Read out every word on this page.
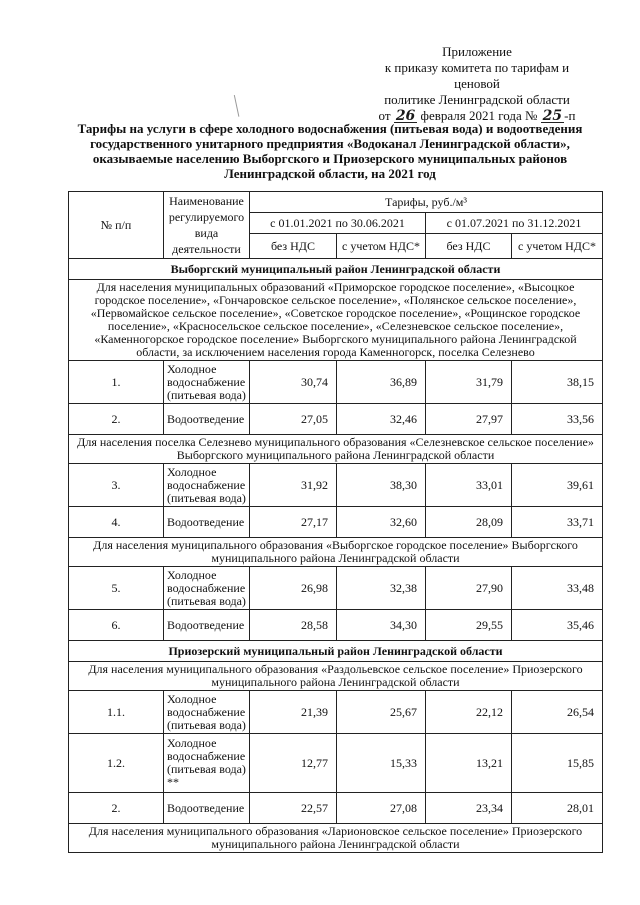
Приложение
к приказу комитета по тарифам и ценовой
политике Ленинградской области
от 26 февраля 2021 года № 25 -п
Тарифы на услуги в сфере холодного водоснабжения (питьевая вода) и водоотведения государственного унитарного предприятия «Водоканал Ленинградской области», оказываемые населению Выборгского и Приозерского муниципальных районов Ленинградской области, на 2021 год
№ п/п	Наименование регулируемого вида деятельности	Тарифы, руб./м³			
		с 01.01.2021 по 30.06.2021		с 01.07.2021 по 31.12.2021	
		без НДС	с учетом НДС*	без НДС	с учетом НДС*
Выборгский муниципальный район Ленинградской области					
Для населения муниципальных образований «Приморское городское поселение», «Высоцкое городское поселение», «Гончаровское сельское поселение», «Полянское сельское поселение», «Первомайское сельское поселение», «Советское городское поселение», «Рощинское городское поселение», «Красносельское сельское поселение», «Селезневское сельское поселение», «Каменногорское городское поселение» Выборгского муниципального района Ленинградской области, за исключением населения города Каменногорск, поселка Селезнево					
1.	Холодное водоснабжение (питьевая вода)	30,74	36,89	31,79	38,15
2.	Водоотведение	27,05	32,46	27,97	33,56
Для населения поселка Селезнево муниципального образования «Селезневское сельское поселение» Выборгского муниципального района Ленинградской области					
3.	Холодное водоснабжение (питьевая вода)	31,92	38,30	33,01	39,61
4.	Водоотведение	27,17	32,60	28,09	33,71
Для населения муниципального образования «Выборгское городское поселение» Выборгского муниципального района Ленинградской области					
5.	Холодное водоснабжение (питьевая вода)	26,98	32,38	27,90	33,48
6.	Водоотведение	28,58	34,30	29,55	35,46
Приозерский муниципальный район Ленинградской области					
Для населения муниципального образования «Раздольевское сельское поселение» Приозерского муниципального района Ленинградской области					
1.1.	Холодное водоснабжение (питьевая вода)	21,39	25,67	22,12	26,54
1.2.	Холодное водоснабжение (питьевая вода) **	12,77	15,33	13,21	15,85
2.	Водоотведение	22,57	27,08	23,34	28,01
Для населения муниципального образования «Ларионовское сельское поселение» Приозерского муниципального района Ленинградской области					
